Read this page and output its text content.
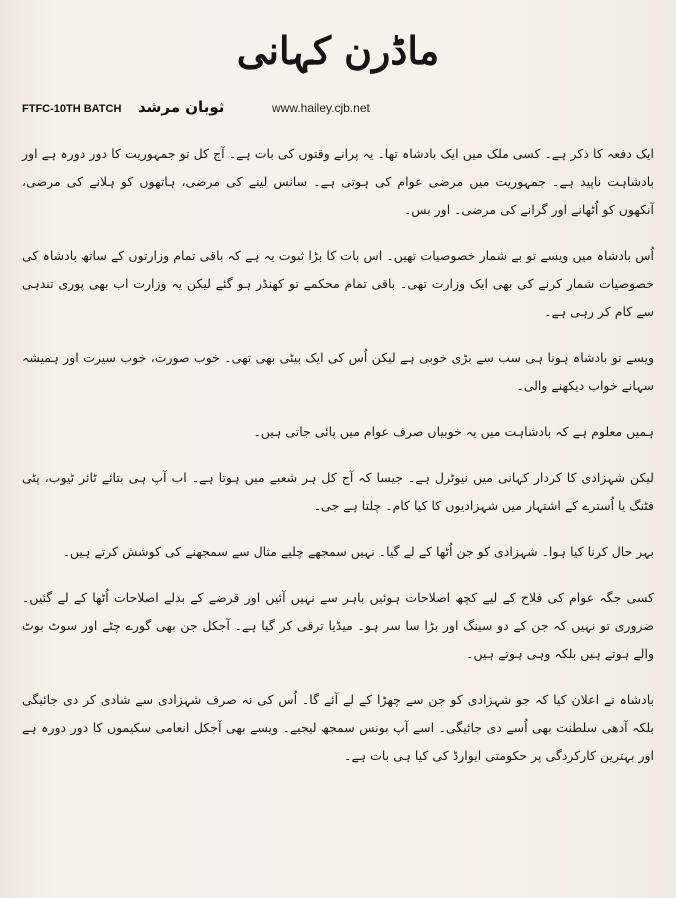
ماڈرن کہانی
FTFC-10TH BATCH ثوبان مرشد	www.hailey.cjb.net

ایک دفعہ کا ذکر ہے۔ کسی ملک میں ایک بادشاہ تھا۔ یہ پرانے وقتوں کی بات ہے۔ آج کل تو جمہوریت کا دور دورہ ہے اور بادشاہت ناپید ہے۔ جمہوریت میں مرضی عوام کی ہوتی ہے۔ سانس لینے کی مرضی، ہاتھوں کو ہلانے کی مرضی، آنکھوں کو اُٹھانے اور گرانے کی مرضی۔ اور بس۔

اُس بادشاہ میں ویسے تو بے شمار خصوصیات تھیں۔ اس بات کا بڑا ثبوت یہ ہے کہ باقی تمام وزارتوں کے ساتھ بادشاہ کی خصوصیات شمار کرنے کی بھی ایک وزارت تھی۔ باقی تمام محکمے تو کھنڈر ہو گئے لیکن یہ وزارت اب بھی پوری تندہی سے کام کر رہی ہے۔

ویسے تو بادشاہ ہونا ہی سب سے بڑی خوبی ہے لیکن اُس کی ایک بیٹی بھی تھی۔ خوب صورت، خوب سیرت اور ہمیشہ سہانے خواب دیکھنے والی۔

ہمیں معلوم ہے کہ بادشاہت میں یہ خوبیاں صرف عوام میں پائی جاتی ہیں۔

لیکن شہزادی کا کردار کہانی میں نیوٹرل ہے۔ جیسا کہ آج کل ہر شعبے میں ہوتا ہے۔ اب آپ ہی بتائے ٹائر ٹیوب، پٹی فٹنگ یا اُسترے کے اشتہار میں شہزادیوں کا کیا کام۔ چلتا ہے جی۔

بہر حال کرنا کیا ہوا۔ شہزادی کو جن اُٹھا کے لے گیا۔ نہیں سمجھے چلیے مثال سے سمجھنے کی کوشش کرتے ہیں۔

کسی جگہ عوام کی فلاح کے لیے کچھ اصلاحات ہوئیں باہر سے نہیں آئیں اور قرضے کے بدلے اصلاحات اُٹھا کے لے گئیں۔ ضروری تو نہیں کہ جن کے دو سینگ اور بڑا سا سر ہو۔ میڈیا ترقی کر گیا ہے۔ آجکل جن بھی گورے چٹے اور سوٹ بوٹ والے ہوتے ہیں بلکہ وہی ہوتے ہیں۔

بادشاہ نے اعلان کیا کہ جو شہزادی کو جن سے چھڑا کے لے آئے گا۔ اُس کی نہ صرف شہزادی سے شادی کر دی جائیگی بلکہ آدھی سلطنت بھی اُسے دی جائیگی۔ اسے آپ بونس سمجھ لیجیے۔ ویسے بھی آجکل انعامی سکیموں کا دور دورہ ہے اور بہترین کارکردگی پر حکومتی ایوارڈ کی کیا ہی بات ہے۔
